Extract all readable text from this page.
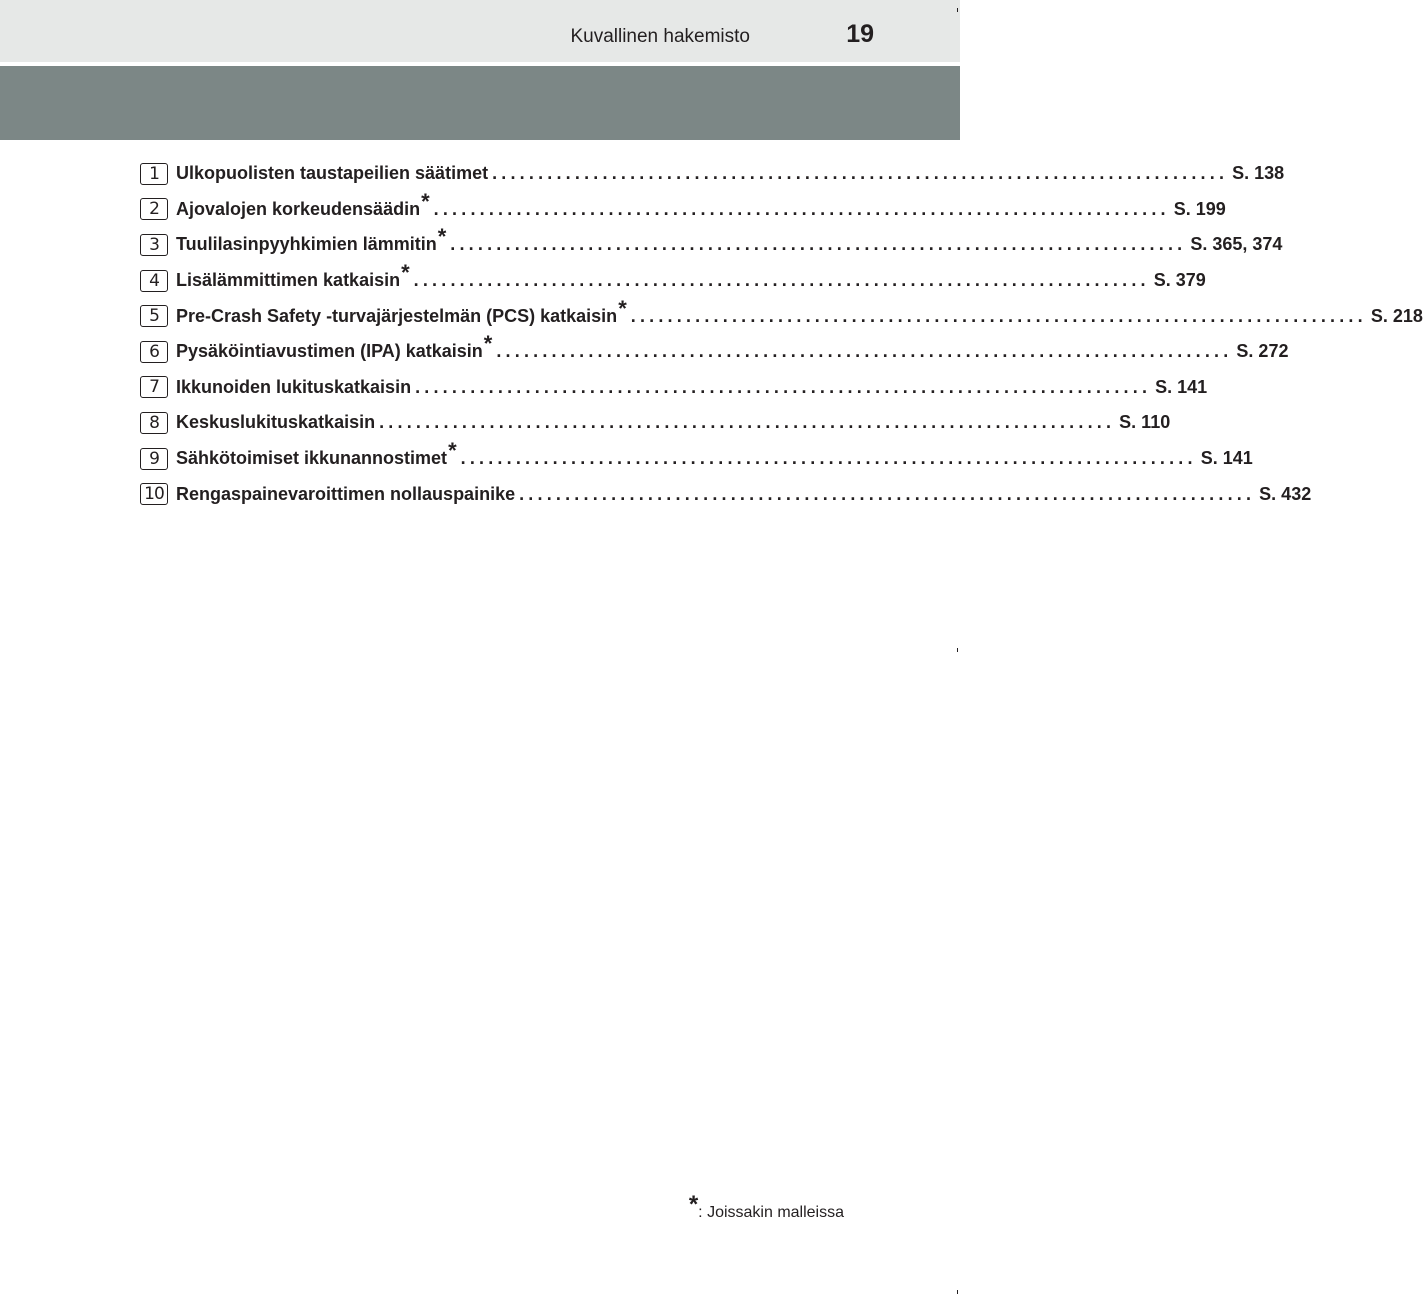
Kuvallinen hakemisto	19
1 Ulkopuolisten taustapeilien säätimet ................................................................................ S. 138
2 Ajovalojen korkeudensäädin * ................................................................................ S. 199
3 Tuulilasinpyyhkimien lämmitin * ................................................................................ S. 365, 374
4 Lisälämmittimen katkaisin * ................................................................................ S. 379
5 Pre-Crash Safety -turvajärjestelmän (PCS) katkaisin * ................................................................................ S. 218
6 Pysäköintiavustimen (IPA) katkaisin * ................................................................................ S. 272
7 Ikkunoiden lukituskatkaisin ................................................................................ S. 141
8 Keskuslukituskatkaisin ................................................................................ S. 110
9 Sähkötoimiset ikkunannostimet * ................................................................................ S. 141
10 Rengaspainevaroittimen nollauspainike ................................................................................ S. 432
*: Joissakin malleissa
